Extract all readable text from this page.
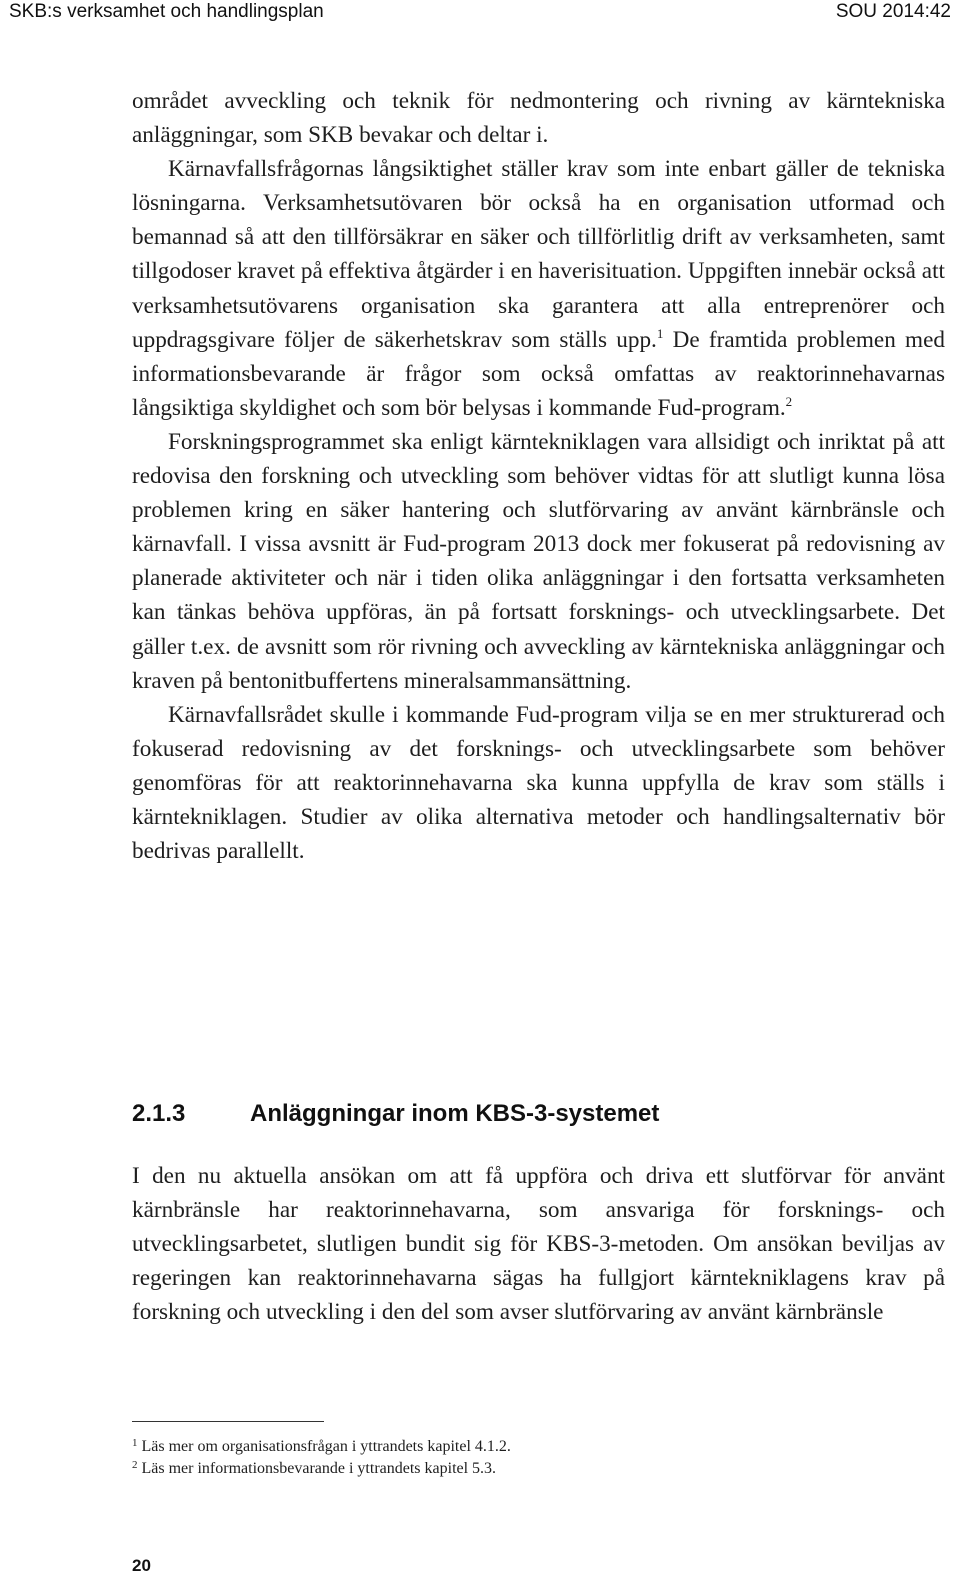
SKB:s verksamhet och handlingsplan	SOU 2014:42

området avveckling och teknik för nedmontering och rivning av kärntekniska anläggningar, som SKB bevakar och deltar i.

Kärnavfallsfrågornas långsiktighet ställer krav som inte enbart gäller de tekniska lösningarna. Verksamhetsutövaren bör också ha en organisation utformad och bemannad så att den tillförsäkrar en säker och tillförlitlig drift av verksamheten, samt tillgodoser kravet på effektiva åtgärder i en haverisituation. Uppgiften innebär också att verksamhetsutövarens organisation ska garantera att alla entreprenörer och uppdragsgivare följer de säkerhetskrav som ställs upp.$^1$ De framtida problemen med informationsbevarande är frågor som också omfattas av reaktorinnehavarnas långsiktiga skyldighet och som bör belysas i kommande Fud-program.$^2$

Forskningsprogrammet ska enligt kärntekniklagen vara allsidigt och inriktat på att redovisa den forskning och utveckling som behöver vidtas för att slutligt kunna lösa problemen kring en säker hantering och slutförvaring av använt kärnbränsle och kärnavfall. I vissa avsnitt är Fud-program 2013 dock mer fokuserat på redovisning av planerade aktiviteter och när i tiden olika anläggningar i den fortsatta verksamheten kan tänkas behöva uppföras, än på fortsatt forsknings- och utvecklingsarbete. Det gäller t.ex. de avsnitt som rör rivning och avveckling av kärntekniska anläggningar och kraven på bentonitbuffertens mineralsammansättning.

Kärnavfallsrådet skulle i kommande Fud-program vilja se en mer strukturerad och fokuserad redovisning av det forsknings- och utvecklingsarbete som behöver genomföras för att reaktorinnehavarna ska kunna uppfylla de krav som ställs i kärntekniklagen. Studier av olika alternativa metoder och handlingsalternativ bör bedrivas parallellt.

2.1.3	Anläggningar inom KBS-3-systemet

I den nu aktuella ansökan om att få uppföra och driva ett slutförvar för använt kärnbränsle har reaktorinnehavarna, som ansvariga för forsknings- och utvecklingsarbetet, slutligen bundit sig för KBS-3-metoden. Om ansökan beviljas av regeringen kan reaktorinnehavarna sägas ha fullgjort kärntekniklagens krav på forskning och utveckling i den del som avser slutförvaring av använt kärnbränsle

$^1$ Läs mer om organisationsfrågan i yttrandets kapitel 4.1.2.
$^2$ Läs mer informationsbevarande i yttrandets kapitel 5.3.
20
